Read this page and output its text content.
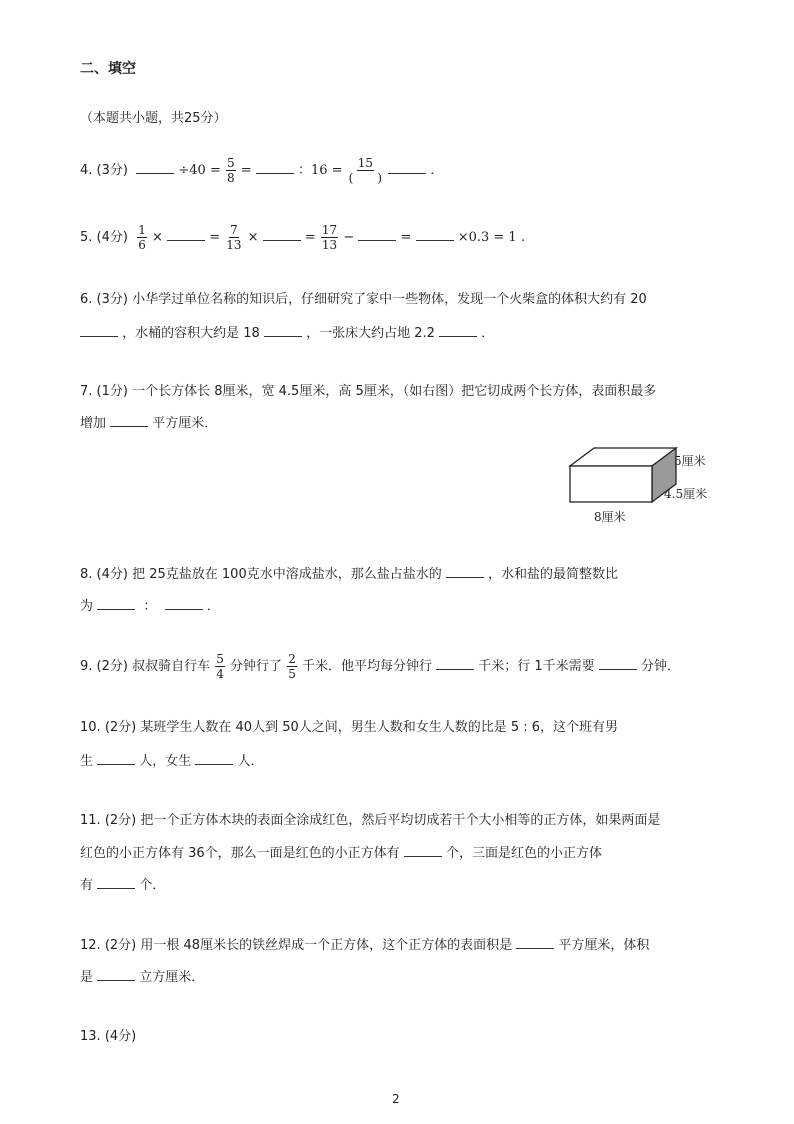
二、填空
（本题共小题，共25分）
4. (3分)	$\div 40 = \frac{5}{8}$ =	：$16 = \frac{15}{( )}$	．
5. (4分) $\frac{1}{6}$ ×	= $\frac{7}{13}$ ×	= $\frac{17}{13}$ −	=	×0.3 = 1 .
6. (3分) 小华学过单位名称的知识后，仔细研究了家中一些物体，发现一个火柴盒的体积大约有 20
，水桶的容积大约是 18	，一张床大约占地 2.2	．
7. (1分) 一个长方体长 8厘米，宽 4.5厘米，高 5厘米，（如右图）把它切成两个长方体，表面积最多
增加	平方厘米．
5厘米
4.5厘米
8厘米
8. (4分) 把 25克盐放在 100克水中溶成盐水，那么盐占盐水的	，水和盐的最简整数比
为	：	．
9. (2分) 叔叔骑自行车 $\frac{5}{4}$ 分钟行了 $\frac{2}{5}$ 千米．他平均每分钟行	千米；行 1千米需要	分钟．
10. (2分) 某班学生人数在 40人到 50人之间，男生人数和女生人数的比是 5 : 6，这个班有男
生	人，女生	人．
11. (2分) 把一个正方体木块的表面全涂成红色，然后平均切成若干个大小相等的正方体，如果两面是
红色的小正方体有 36个，那么一面是红色的小正方体有	个，三面是红色的小正方体
有	个．
12. (2分) 用一根 48厘米长的铁丝焊成一个正方体，这个正方体的表面积是	平方厘米，体积
是	立方厘米．
13. (4分)
2
